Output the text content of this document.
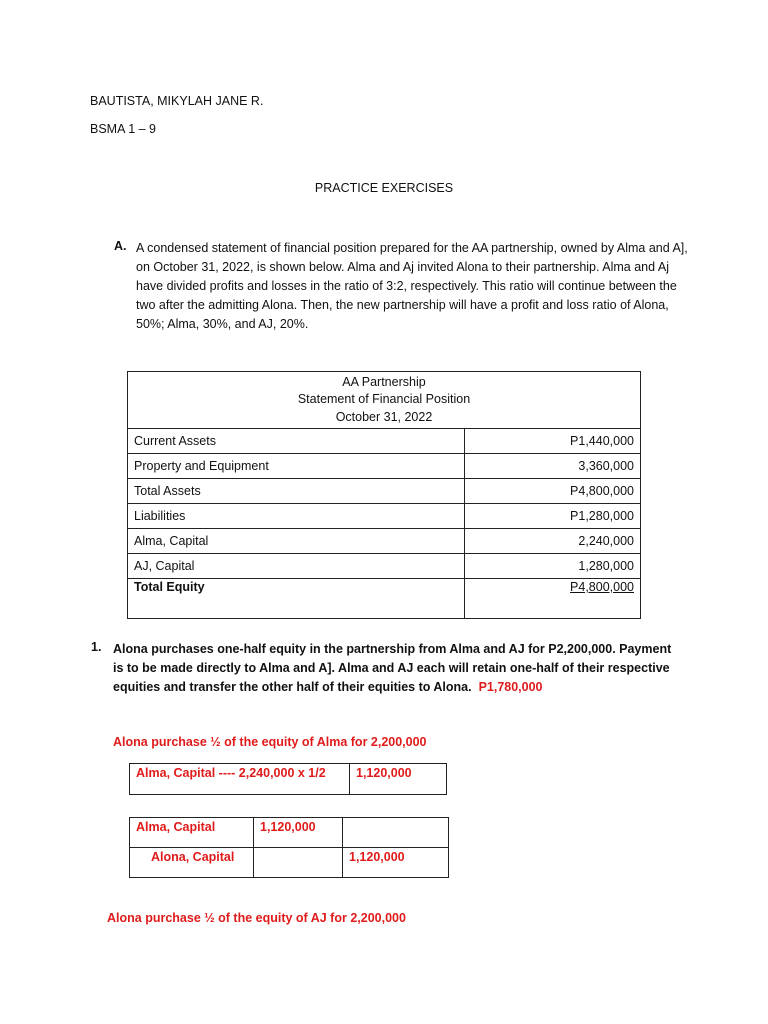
BAUTISTA, MIKYLAH JANE R.
BSMA 1 – 9
PRACTICE EXERCISES
A. A condensed statement of financial position prepared for the AA partnership, owned by Alma and A], on October 31, 2022, is shown below. Alma and Aj invited Alona to their partnership. Alma and Aj have divided profits and losses in the ratio of 3:2, respectively. This ratio will continue between the two after the admitting Alona. Then, the new partnership will have a profit and loss ratio of Alona, 50%; Alma, 30%, and AJ, 20%.
AA Partnership
Statement of Financial Position
October 31, 2022	

Current Assets	P1,440,000
Property and Equipment	3,360,000
Total Assets	P4,800,000
Liabilities	P1,280,000
Alma, Capital	2,240,000
AJ, Capital	1,280,000
Total Equity	P4,800,000
1. Alona purchases one-half equity in the partnership from Alma and AJ for P2,200,000. Payment is to be made directly to Alma and A]. Alma and AJ each will retain one-half of their respective equities and transfer the other half of their equities to Alona. P1,780,000
Alona purchase ½ of the equity of Alma for 2,200,000
Alma, Capital ---- 2,240,000 x 1/2	1,120,000
Alma, Capital	1,120,000	
Alona, Capital		1,120,000
Alona purchase ½ of the equity of AJ for 2,200,000
